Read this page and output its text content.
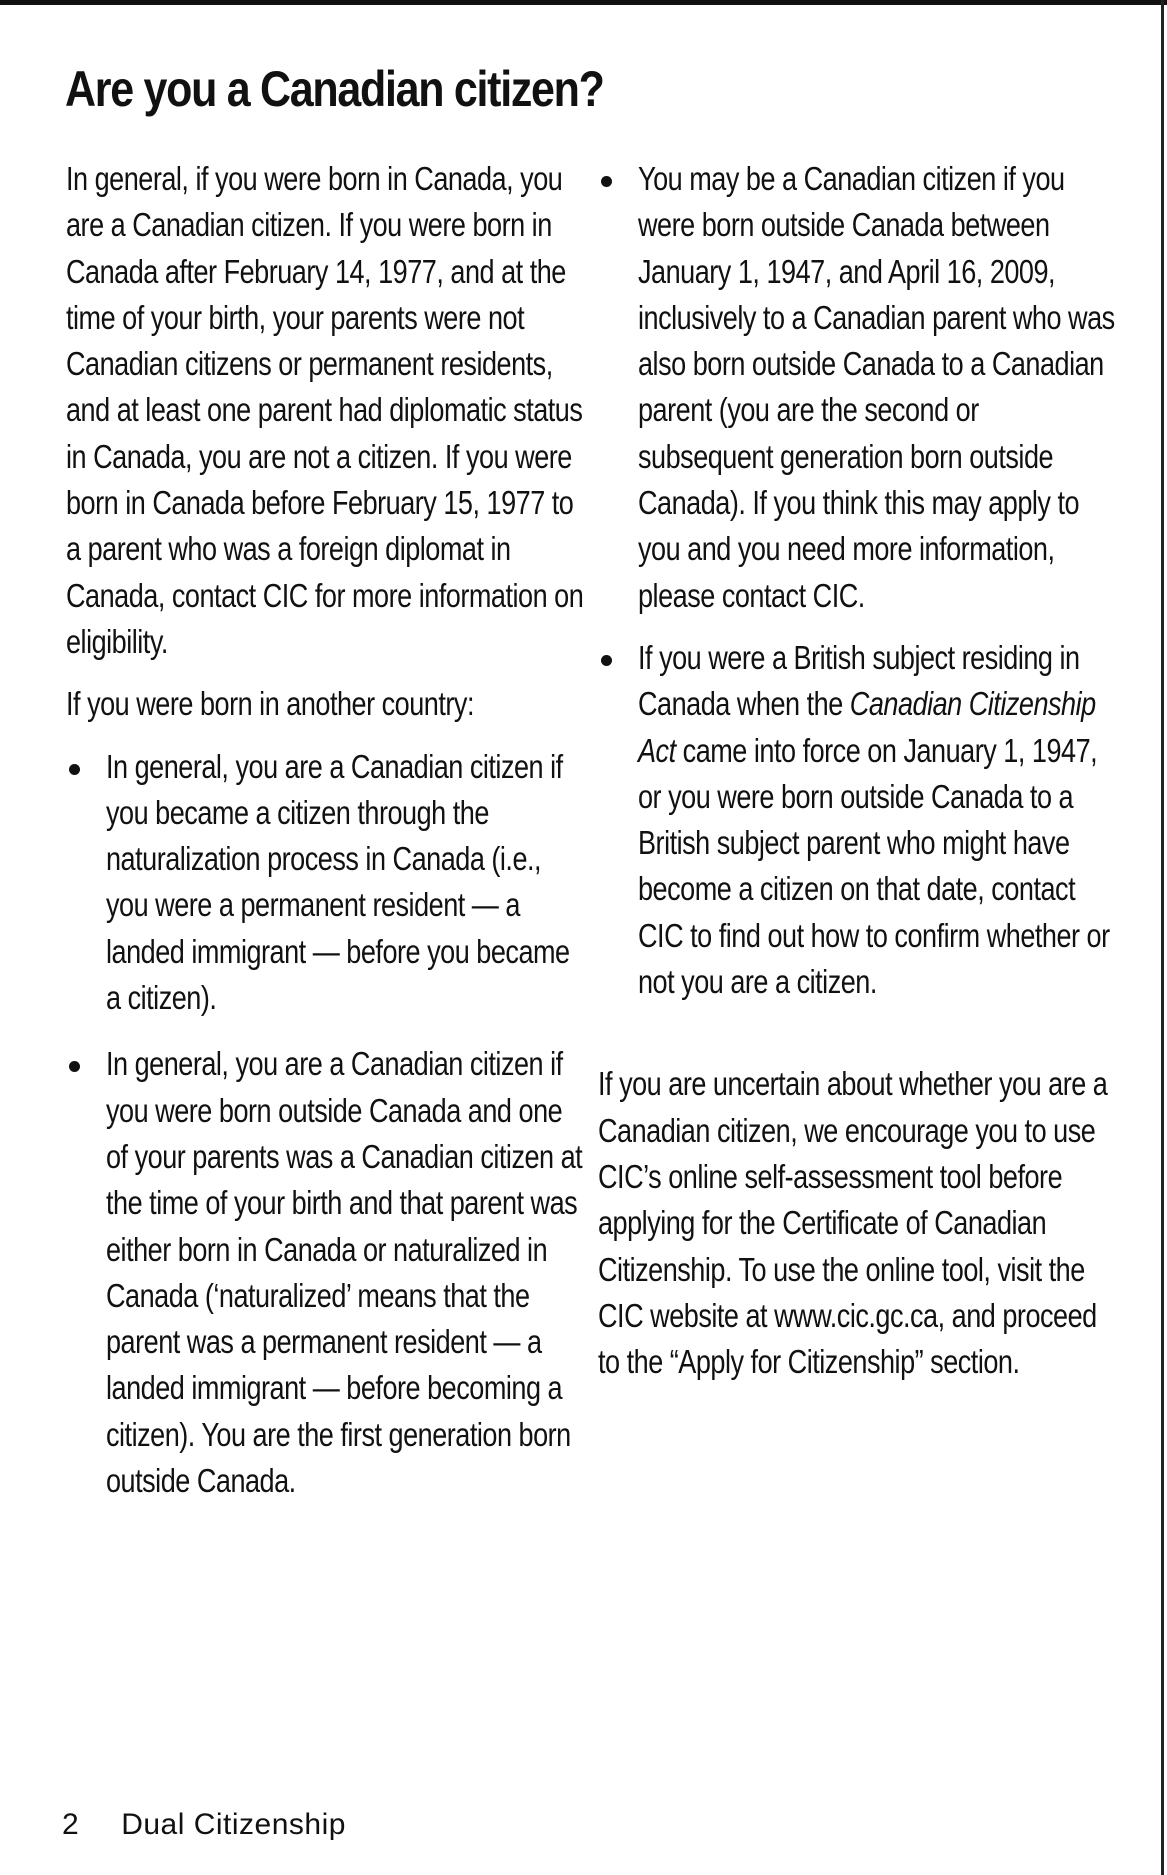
Are you a Canadian citizen?

In general, if you were born in Canada, you are a Canadian citizen. If you were born in Canada after February 14, 1977, and at the time of your birth, your parents were not Canadian citizens or permanent residents, and at least one parent had diplomatic status in Canada, you are not a citizen. If you were born in Canada before February 15, 1977 to a parent who was a foreign diplomat in Canada, contact CIC for more information on eligibility.

If you were born in another country:

In general, you are a Canadian citizen if you became a citizen through the naturalization process in Canada (i.e., you were a permanent resident — a landed immigrant — before you became a citizen).
In general, you are a Canadian citizen if you were born outside Canada and one of your parents was a Canadian citizen at the time of your birth and that parent was either born in Canada or naturalized in Canada (‘naturalized’ means that the parent was a permanent resident — a landed immigrant — before becoming a citizen). You are the first generation born outside Canada.
You may be a Canadian citizen if you were born outside Canada between January 1, 1947, and April 16, 2009, inclusively to a Canadian parent who was also born outside Canada to a Canadian parent (you are the second or subsequent generation born outside Canada). If you think this may apply to you and you need more information, please contact CIC.
If you were a British subject residing in Canada when the Canadian Citizenship Act came into force on January 1, 1947, or you were born outside Canada to a British subject parent who might have become a citizen on that date, contact CIC to find out how to confirm whether or not you are a citizen.

If you are uncertain about whether you are a Canadian citizen, we encourage you to use CIC’s online self-assessment tool before applying for the Certificate of Canadian Citizenship. To use the online tool, visit the CIC website at www.cic.gc.ca, and proceed to the “Apply for Citizenship” section.

2 Dual Citizenship
